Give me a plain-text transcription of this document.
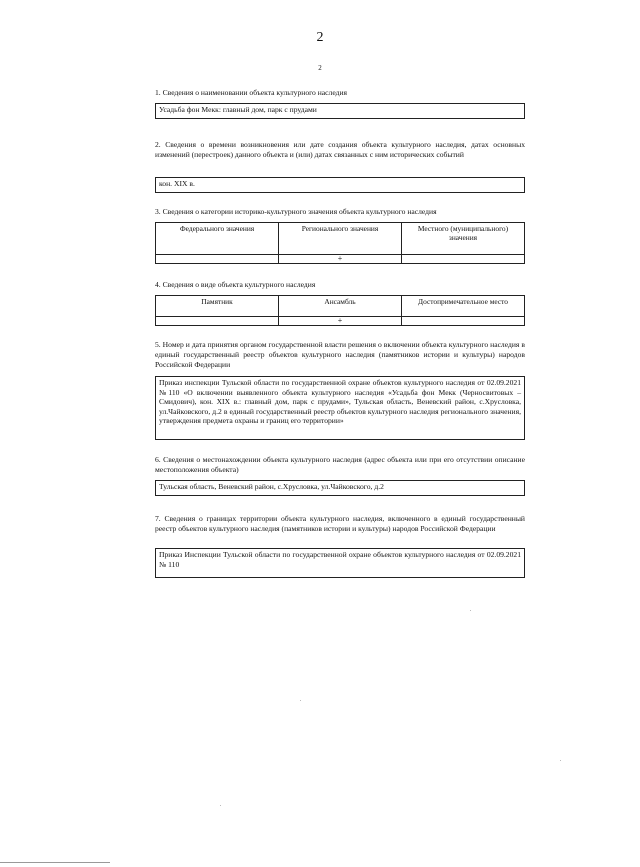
2
2
1. Сведения о наименовании объекта культурного наследия
Усадьба фон Мекк: главный дом, парк с прудами
2. Сведения о времени возникновения или дате создания объекта культурного наследия, датах основных изменений (перестроек) данного объекта и (или) датах связанных с ним исторических событий
кон. XIX в.
3. Сведения о категории историко-культурного значения объекта культурного наследия
Федерального значения	Регионального значения	Местного (муниципального) значения
	+	
4. Сведения о виде объекта культурного наследия
Памятник	Ансамбль	Достопримечательное место
	+	
5. Номер и дата принятия органом государственной власти решения о включении объекта культурного наследия в единый государственный реестр объектов культурного наследия (памятников истории и культуры) народов Российской Федерации
Приказ инспекции Тульской области по государственной охране объектов культурного наследия от 02.09.2021 №110 «О включении выявленного объекта культурного наследия «Усадьба фон Мекк (Черносвитовых – Смидович), кон. XIX в.: главный дом, парк с прудами», Тульская область, Веневский район, с.Хрусловка, ул.Чайковского, д.2 в единый государственный реестр объектов культурного наследия регионального значения, утверждения предмета охраны и границ его территории»
6. Сведения о местонахождении объекта культурного наследия (адрес объекта или при его отсутствии описание местоположения объекта)
Тульская область, Веневский район, с.Хрусловка, ул.Чайковского, д.2
7. Сведения о границах территории объекта культурного наследия, включенного в единый государственный реестр объектов культурного наследия (памятников истории и культуры) народов Российской Федерации
Приказ Инспекции Тульской области по государственной охране объектов культурного наследия от 02.09.2021 № 110
